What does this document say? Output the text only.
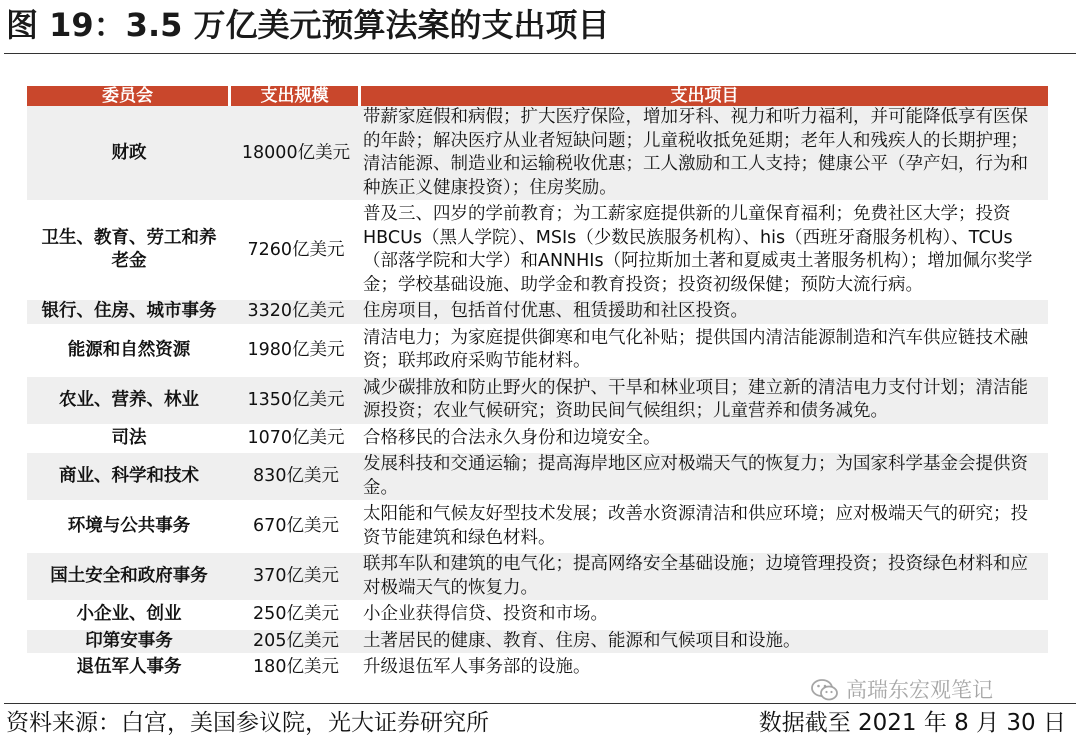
图 19：3.5 万亿美元预算法案的支出项目
委员会	支出规模	支出项目
财政	18000亿美元	带薪家庭假和病假；扩大医疗保险，增加牙科、视力和听力福利，并可能降低享有医保的年龄；解决医疗从业者短缺问题；儿童税收抵免延期；老年人和残疾人的长期护理；清洁能源、制造业和运输税收优惠；工人激励和工人支持；健康公平（孕产妇，行为和种族正义健康投资）；住房奖励。
卫生、教育、劳工和养老金	7260亿美元	普及三、四岁的学前教育；为工薪家庭提供新的儿童保育福利；免费社区大学；投资HBCUs（黑人学院）、MSIs（少数民族服务机构）、his（西班牙裔服务机构）、TCUs（部落学院和大学）和ANNHIs（阿拉斯加土著和夏威夷土著服务机构）；增加佩尔奖学金；学校基础设施、助学金和教育投资；投资初级保健；预防大流行病。
银行、住房、城市事务	3320亿美元	住房项目，包括首付优惠、租赁援助和社区投资。
能源和自然资源	1980亿美元	清洁电力；为家庭提供御寒和电气化补贴；提供国内清洁能源制造和汽车供应链技术融资；联邦政府采购节能材料。
农业、营养、林业	1350亿美元	减少碳排放和防止野火的保护、干旱和林业项目；建立新的清洁电力支付计划；清洁能源投资；农业气候研究；资助民间气候组织；儿童营养和债务减免。
司法	1070亿美元	合格移民的合法永久身份和边境安全。
商业、科学和技术	830亿美元	发展科技和交通运输；提高海岸地区应对极端天气的恢复力；为国家科学基金会提供资金。
环境与公共事务	670亿美元	太阳能和气候友好型技术发展；改善水资源清洁和供应环境；应对极端天气的研究；投资节能建筑和绿色材料。
国土安全和政府事务	370亿美元	联邦车队和建筑的电气化；提高网络安全基础设施；边境管理投资；投资绿色材料和应对极端天气的恢复力。
小企业、创业	250亿美元	小企业获得信贷、投资和市场。
印第安事务	205亿美元	土著居民的健康、教育、住房、能源和气候项目和设施。
退伍军人事务	180亿美元	升级退伍军人事务部的设施。
高瑞东宏观笔记
资料来源：白宫，美国参议院，光大证券研究所	数据截至 2021 年 8 月 30 日
